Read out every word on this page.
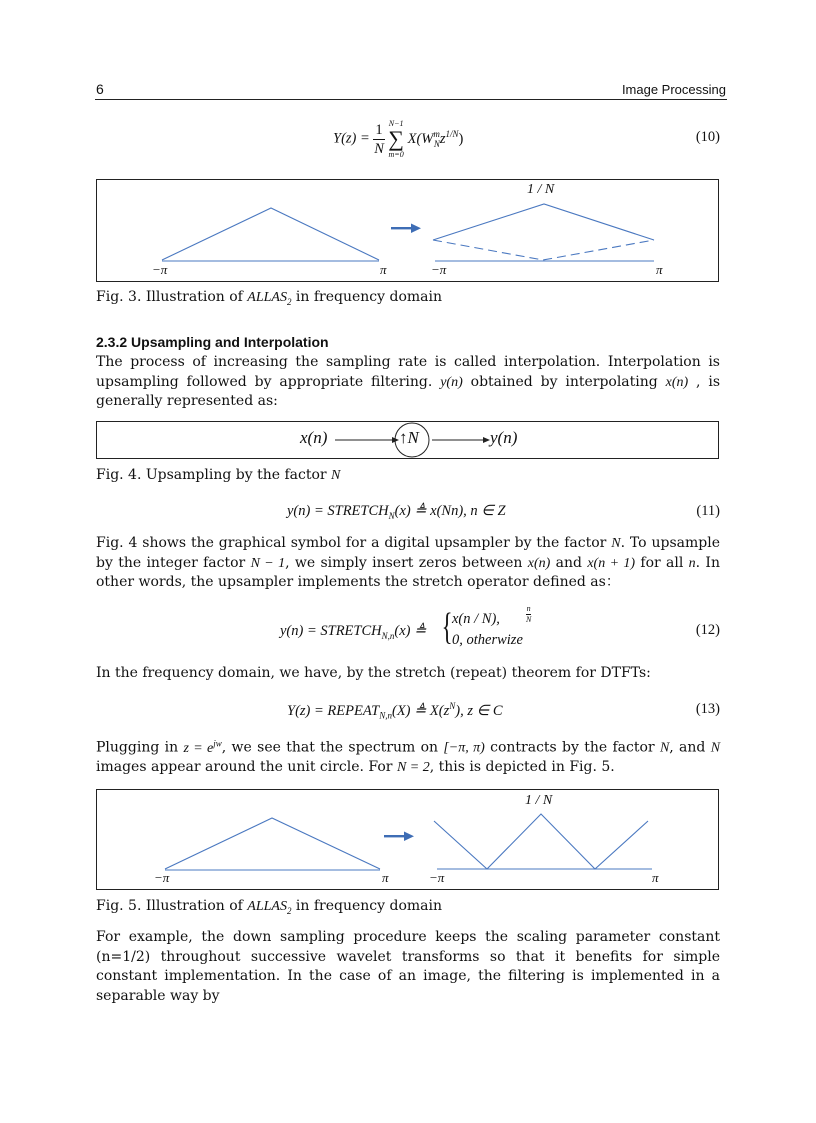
6	Image Processing
$Y(z) = \frac{1}{N}$
N−1
∑
m=0
$X(W^m_Nz^{1/N})$	(10)
1 / N
−π	π	−π	π
Fig. 3. Illustration of $ALLAS_2$ in frequency domain
2.3.2 Upsampling and Interpolation
The process of increasing the sampling rate is called interpolation. Interpolation is upsampling followed by appropriate filtering. y(n) obtained by interpolating x(n) , is generally represented as:
x(n)	↑N	y(n)
Fig. 4. Upsampling by the factor N
$y(n) = STRETCH_N(x)$ ≜ x(Nn), n ∈ Z	(11)
Fig. 4 shows the graphical symbol for a digital upsampler by the factor N. To upsample by the integer factor N − 1, we simply insert zeros between x(n) and x(n + 1) for all n. In other words, the upsampler implements the stretch operator defined as：
$y(n) = STRETCH_{N,n}(x)$ ≜ { x(n / N),
n
N
0, otherwize
(12)
In the frequency domain, we have, by the stretch (repeat) theorem for DTFTs:
$Y(z) = REPEAT_{N,n}(X)$ ≜ $X(z^N)$, z ∈ C	(13)
Plugging in $z = e^{jw}$, we see that the spectrum on [−π, π) contracts by the factor N, and N images appear around the unit circle. For N = 2, this is depicted in Fig. 5.
1 / N
−π	π	−π	π
Fig. 5. Illustration of $ALLAS_2$ in frequency domain
For example, the down sampling procedure keeps the scaling parameter constant (n=1/2) throughout successive wavelet transforms so that it benefits for simple constant implementation. In the case of an image, the filtering is implemented in a separable way by
